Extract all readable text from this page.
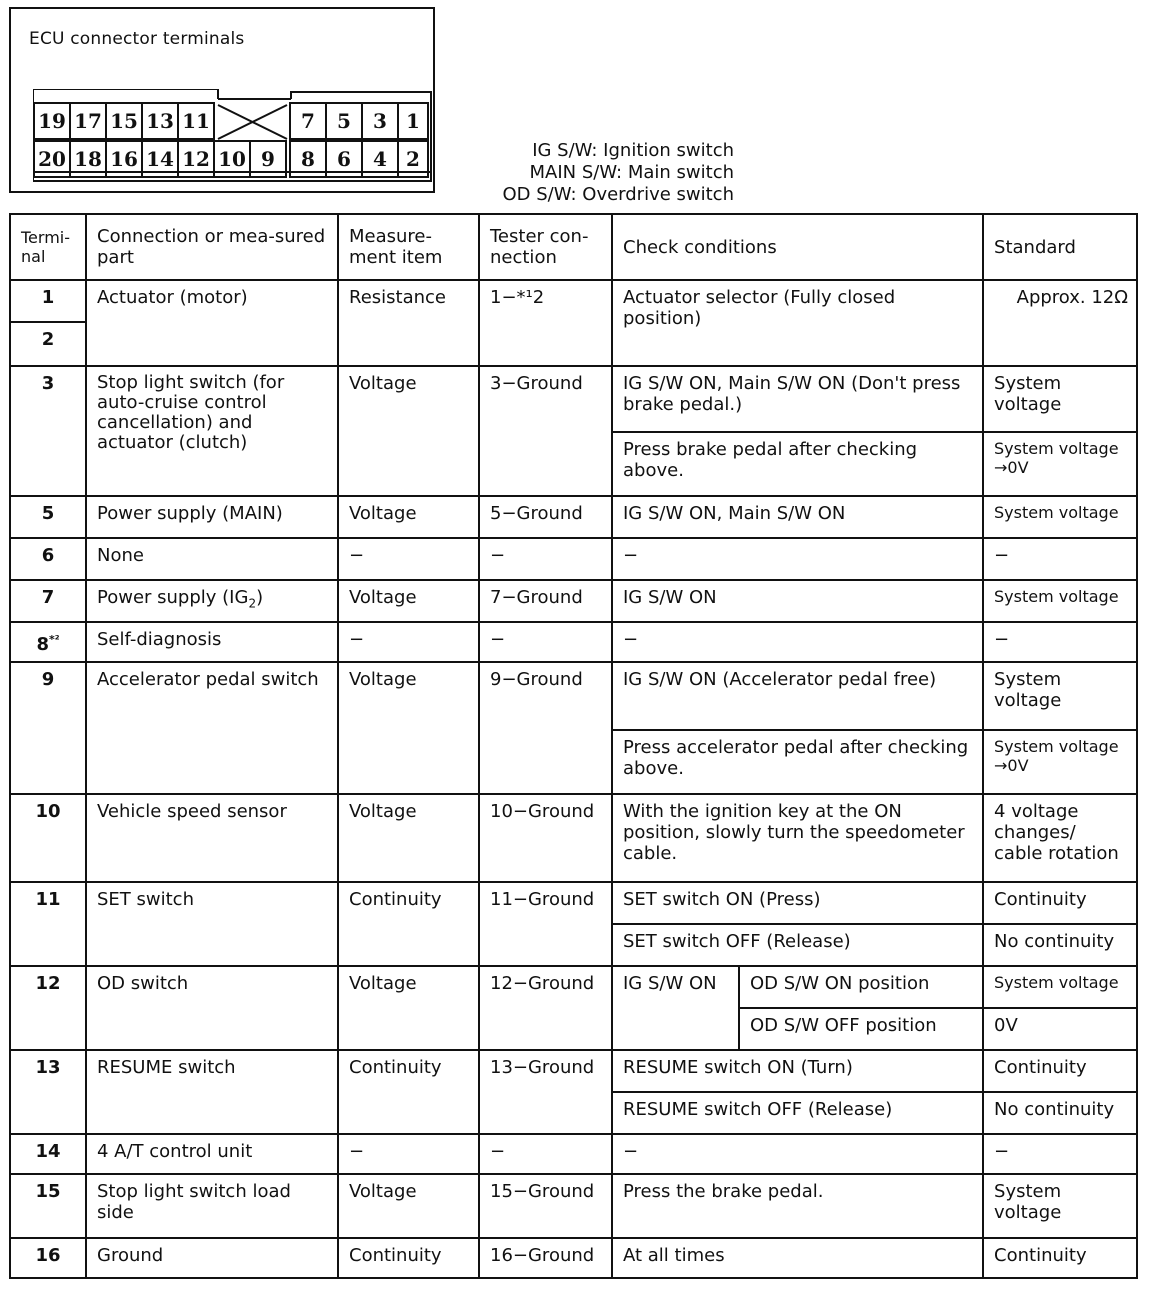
ECU connector terminals
19 17 15 13 11	7	5	3 1
20 18 16 14 12 10 9	8	6	4 2	IG S/W: Ignition switch
MAIN S/W: Main switch
OD S/W: Overdrive switch
Termi-nal	Connection or mea-sured part	Measure-ment item	Tester con-nection	Check conditions		Standard
1	Actuator (motor)	Resistance	1−*¹2	Actuator selector (Fully closed position)		Approx. 12Ω
2						
3	Stop light switch (for auto-cruise control cancellation) and actuator (clutch)	Voltage	3−Ground	IG S/W ON, Main S/W ON (Don't press brake pedal.)		System voltage
				Press brake pedal after checking above.		System voltage →0V
5	Power supply (MAIN)	Voltage	5−Ground	IG S/W ON, Main S/W ON		System voltage
6	None	−	−	−		−
7	Power supply $(IG_2)$	Voltage	7−Ground	IG S/W ON		System voltage
8$^{*^2}$	Self-diagnosis	−	−	−		−
9	Accelerator pedal switch	Voltage	9−Ground	IG S/W ON (Accelerator pedal free)		System voltage
				Press accelerator pedal after checking above.		System voltage →0V
10	Vehicle speed sensor	Voltage	10−Ground	With the ignition key at the ON position, slowly turn the speedometer cable.		4 voltage changes/ cable rotation
11	SET switch	Continuity	11−Ground	SET switch ON (Press)		Continuity
				SET switch OFF (Release)		No continuity
12	OD switch	Voltage	12−Ground	IG S/W ON	OD S/W ON position	System voltage
					OD S/W OFF position	0V
13	RESUME switch	Continuity	13−Ground	RESUME switch ON (Turn)		Continuity
				RESUME switch OFF (Release)		No continuity
14	4 A/T control unit	−	−	−		−
15	Stop light switch load side	Voltage	15−Ground	Press the brake pedal.		System voltage
16	Ground	Continuity	16−Ground	At all times		Continuity
